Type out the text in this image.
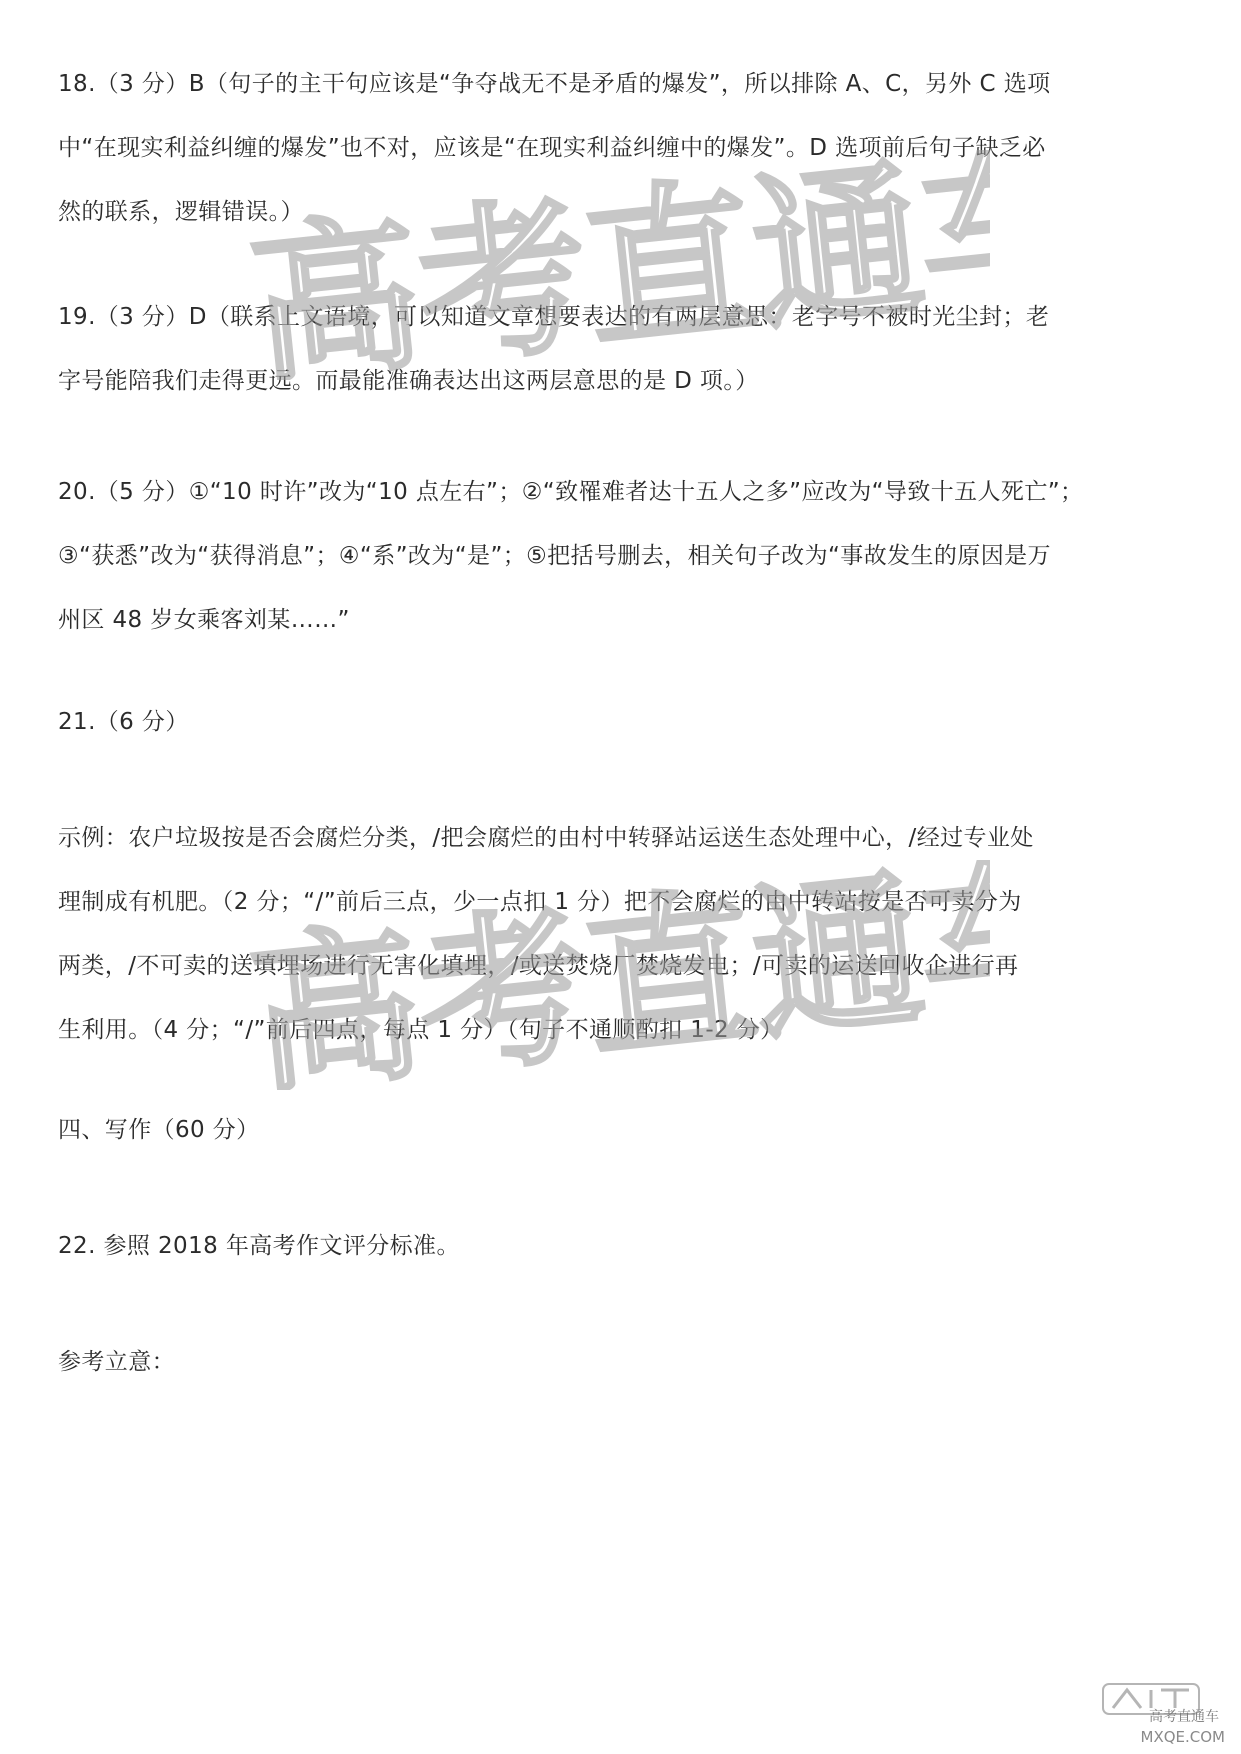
18.（3 分）B（句子的主干句应该是“争夺战无不是矛盾的爆发”，所以排除 A、C，另外 C 选项
中“在现实利益纠缠的爆发”也不对，应该是“在现实利益纠缠中的爆发”。D 选项前后句子缺乏必
然的联系，逻辑错误。）
19.（3 分）D（联系上文语境，可以知道文章想要表达的有两层意思：老字号不被时光尘封；老
字号能陪我们走得更远。而最能准确表达出这两层意思的是 D 项。）
20.（5 分）①“10 时许”改为“10 点左右”；②“致罹难者达十五人之多”应改为“导致十五人死亡”；
③“获悉”改为“获得消息”；④“系”改为“是”；⑤把括号删去，相关句子改为“事故发生的原因是万
州区 48 岁女乘客刘某……”
21.（6 分）
示例：农户垃圾按是否会腐烂分类，/把会腐烂的由村中转驿站运送生态处理中心，/经过专业处
理制成有机肥。（2 分；“/”前后三点，少一点扣 1 分）把不会腐烂的由中转站按是否可卖分为
两类，/不可卖的送填埋场进行无害化填埋，/或送焚烧厂焚烧发电；/可卖的运送回收企进行再
生利用。（4 分；“/”前后四点，每点 1 分）（句子不通顺酌扣 1-2 分）
四、写作（60 分）
22. 参照 2018 年高考作文评分标准。
参考立意：
高考直通车
高考直通车
高考直通车
MXQE.COM
